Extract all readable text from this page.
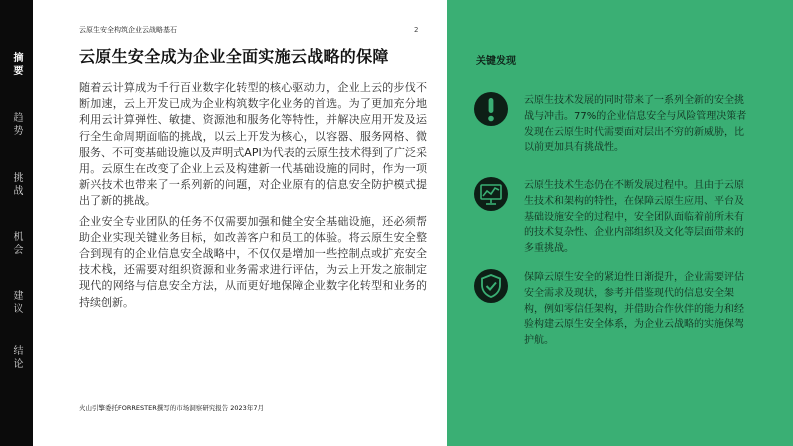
摘要
趋势
挑战
机会
建议
结论
云原生安全构筑企业云战略基石	2
云原生安全成为企业全面实施云战略的保障

随着云计算成为千行百业数字化转型的核心驱动力，企业上云的步伐不断加速，云上开发已成为企业构筑数字化业务的首选。为了更加充分地利用云计算弹性、敏捷、资源池和服务化等特性，并解决应用开发及运行全生命周期面临的挑战，以云上开发为核心，以容器、服务网格、微服务、不可变基础设施以及声明式API为代表的云原生技术得到了广泛采用。云原生在改变了企业上云及构建新一代基础设施的同时，作为一项新兴技术也带来了一系列新的问题，对企业原有的信息安全防护模式提出了新的挑战。

企业安全专业团队的任务不仅需要加强和健全安全基础设施，还必须帮助企业实现关键业务目标，如改善客户和员工的体验。将云原生安全整合到现有的企业信息安全战略中，不仅仅是增加一些控制点或扩充安全技术栈，还需要对组织资源和业务需求进行评估，为云上开发之旅制定现代的网络与信息安全方法，从而更好地保障企业数字化转型和业务的持续创新。

火山引擎委托FORRESTER撰写的市场洞察研究报告 2023年7月
关键发现
云原生技术发展的同时带来了一系列全新的安全挑战与冲击。77%的企业信息安全与风险管理决策者发现在云原生时代需要面对层出不穷的新威胁，比以前更加具有挑战性。
云原生技术生态仍在不断发展过程中。且由于云原生技术和架构的特性，在保障云原生应用、平台及基础设施安全的过程中，安全团队面临着前所未有的技术复杂性、企业内部组织及文化等层面带来的多重挑战。
保障云原生安全的紧迫性日渐提升，企业需要评估安全需求及现状，参考并借鉴现代的信息安全架构，例如零信任架构，并借助合作伙伴的能力和经验构建云原生安全体系，为企业云战略的实施保驾护航。
